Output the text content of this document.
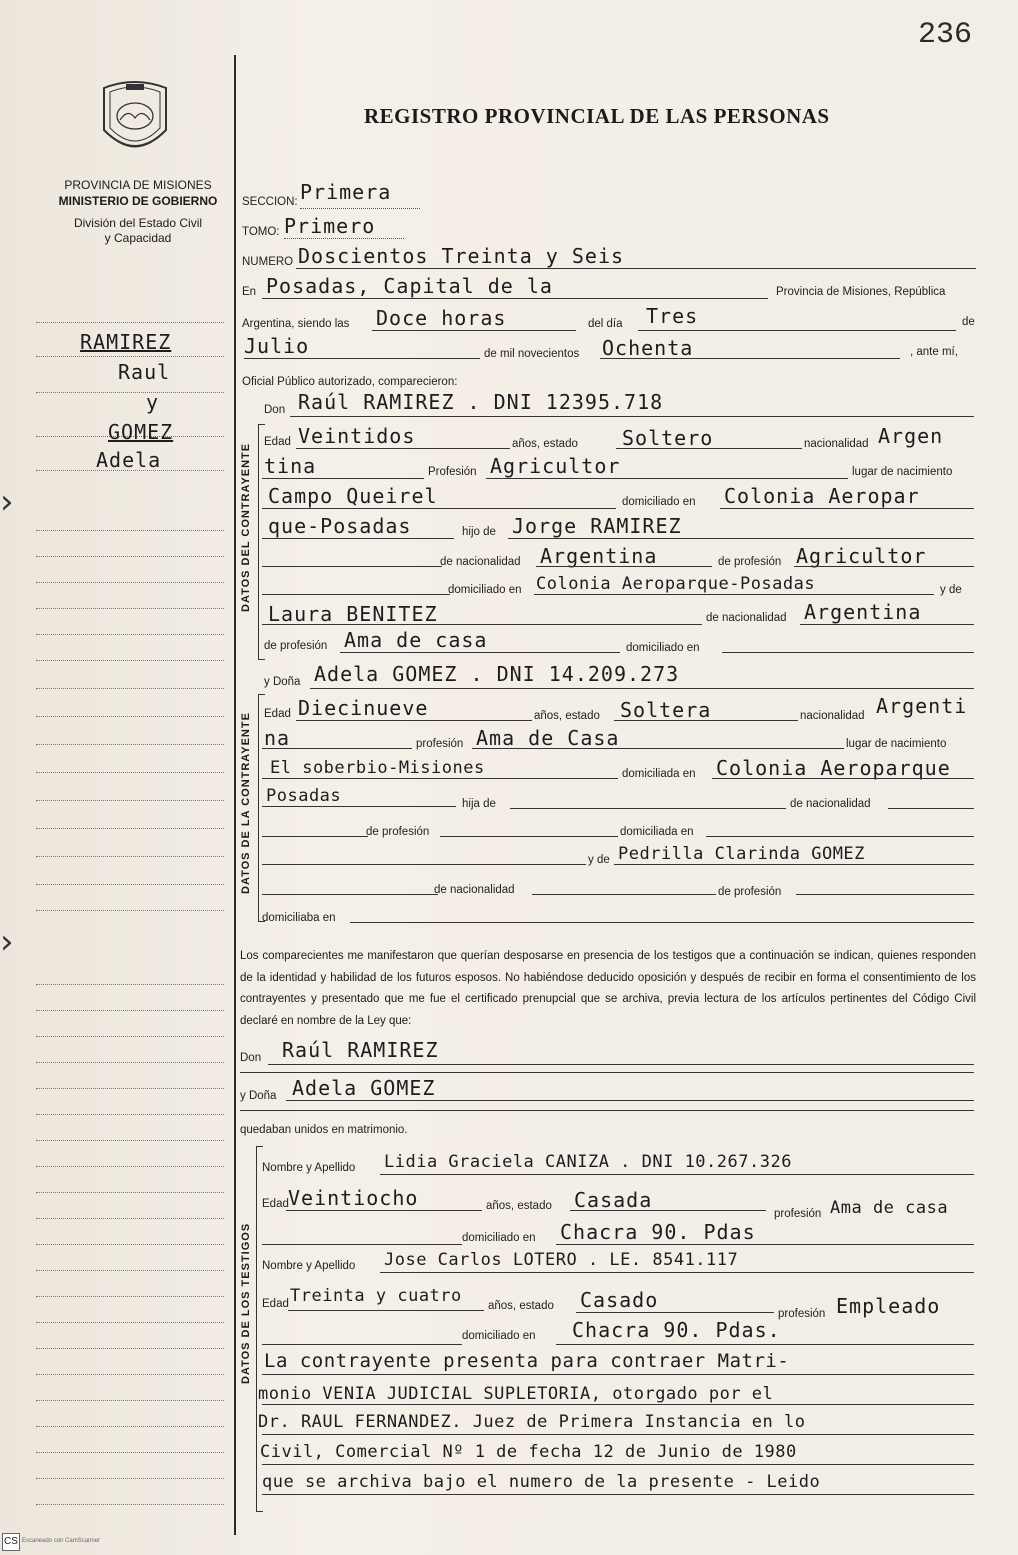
236
PROVINCIA DE MISIONES
MINISTERIO DE GOBIERNO
División del Estado Civil
y Capacidad
REGISTRO PROVINCIAL DE LAS PERSONAS
RAMIREZ
Raul
y
GOMEZ
Adela
SECCION: Primera
TOMO: Primero
NUMERO Doscientos Treinta y Seis
En Posadas, Capital de la	Provincia de Misiones, República
Argentina, siendo las Doce horas	del día Tres	de
Julio	de mil novecientos Ochenta	, ante mí,
Oficial Público autorizado, comparecieron:
DATOS DEL CONTRAYENTE
Don Raúl RAMIREZ . DNI 12395.718
Edad Veintidos	años, estado Soltero	nacionalidad Argen
tina	Profesión Agricultor	lugar de nacimiento
Campo Queirel	domiciliado en Colonia Aeropar
que-Posadas	hijo de Jorge RAMIREZ
de nacionalidad Argentina	de profesión Agricultor
domiciliado en Colonia Aeroparque-Posadas	y de
Laura BENITEZ	de nacionalidad Argentina
de profesión Ama de casa	domiciliado en
DATOS DE LA CONTRAYENTE
y Doña Adela GOMEZ . DNI 14.209.273
Edad Diecinueve	años, estado Soltera	nacionalidad Argenti
na	profesión Ama de Casa	lugar de nacimiento
El soberbio-Misiones	domiciliada en Colonia Aeroparque
Posadas	hija de	de nacionalidad
de profesión	domiciliada en
y de Pedrilla Clarinda GOMEZ
de nacionalidad	de profesión
domiciliaba en
Los comparecientes me manifestaron que querían desposarse en presencia de los testigos que a continuación se indican, quienes responden de la identidad y habilidad de los futuros esposos. No habiéndose deducido oposición y después de recibir en forma el consentimiento de los contrayentes y presentado que me fue el certificado prenupcial que se archiva, previa lectura de los artículos pertinentes del Código Civil declaré en nombre de la Ley que:
Don Raúl RAMIREZ
y Doña Adela GOMEZ
quedaban unidos en matrimonio.
DATOS DE LOS TESTIGOS
Nombre y Apellido Lidia Graciela CANIZA . DNI 10.267.326
Edad Veintiocho	años, estado Casada
profesión Ama de casa
domiciliado en Chacra 90. Pdas
Nombre y Apellido Jose Carlos LOTERO . LE. 8541.117
Edad Treinta y cuatro años, estado Casado
profesión Empleado
domiciliado en Chacra 90. Pdas.
La contrayente presenta para contraer Matri-
monio VENIA JUDICIAL SUPLETORIA, otorgado por el
Dr. RAUL FERNANDEZ. Juez de Primera Instancia en lo
Civil, Comercial Nº 1 de fecha 12 de Junio de 1980
que se archiva bajo el numero de la presente - Leido
›
›
CS Escaneado con CamScanner
